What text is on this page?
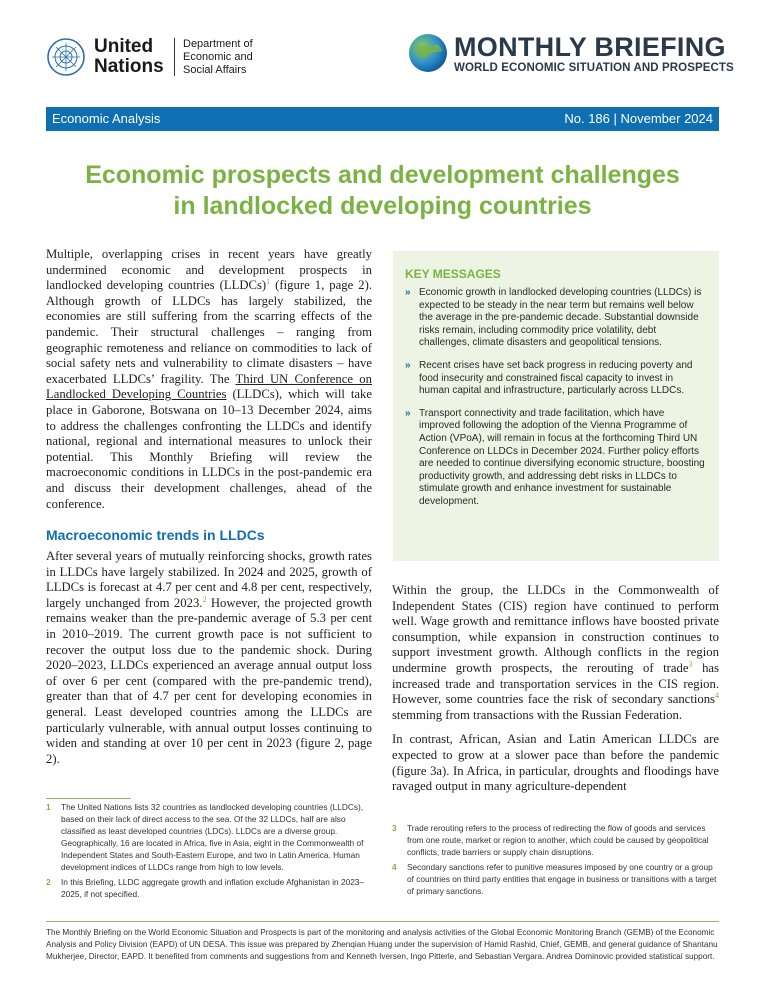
United
Nations
Department of
Economic and
Social Affairs
MONTHLY BRIEFING
WORLD ECONOMIC SITUATION AND PROSPECTS
Economic Analysis	No. 186 | November 2024
Economic prospects and development challenges
in landlocked developing countries

Multiple, overlapping crises in recent years have greatly undermined economic and development prospects in landlocked developing countries (LLDCs)$^1$ (figure 1, page 2). Although growth of LLDCs has largely stabilized, the economies are still suffering from the scarring effects of the pandemic. Their structural challenges – ranging from geographic remoteness and reliance on commodities to lack of social safety nets and vulnerability to climate disasters – have exacerbated LLDCs’ fragility. The Third UN Conference on Landlocked Developing Countries (LLDCs), which will take place in Gaborone, Botswana on 10–13 December 2024, aims to address the challenges confronting the LLDCs and identify national, regional and international measures to unlock their potential. This Monthly Briefing will review the macroeconomic conditions in LLDCs in the post-pandemic era and discuss their development challenges, ahead of the conference.

Macroeconomic trends in LLDCs

After several years of mutually reinforcing shocks, growth rates in LLDCs have largely stabilized. In 2024 and 2025, growth of LLDCs is forecast at 4.7 per cent and 4.8 per cent, respectively, largely unchanged from 2023.$^2$ However, the projected growth remains weaker than the pre-pandemic average of 5.3 per cent in 2010–2019. The current growth pace is not sufficient to recover the output loss due to the pandemic shock. During 2020–2023, LLDCs experienced an average annual output loss of over 6 per cent (compared with the pre-pandemic trend), greater than that of 4.7 per cent for developing economies in general. Least developed countries among the LLDCs are particularly vulnerable, with annual output losses continuing to widen and standing at over 10 per cent in 2023 (figure 2, page 2).

KEY MESSAGES
» Economic growth in landlocked developing countries (LLDCs) is expected to be steady in the near term but remains well below the average in the pre-pandemic decade. Substantial downside risks remain, including commodity price volatility, debt challenges, climate disasters and geopolitical tensions.
» Recent crises have set back progress in reducing poverty and food insecurity and constrained fiscal capacity to invest in human capital and infrastructure, particularly across LLDCs.
» Transport connectivity and trade facilitation, which have improved following the adoption of the Vienna Programme of Action (VPoA), will remain in focus at the forthcoming Third UN Conference on LLDCs in December 2024. Further policy efforts are needed to continue diversifying economic structure, boosting productivity growth, and addressing debt risks in LLDCs to stimulate growth and enhance investment for sustainable development.

Within the group, the LLDCs in the Commonwealth of Independent States (CIS) region have continued to perform well. Wage growth and remittance inflows have boosted private consumption, while expansion in construction continues to support investment growth. Although conflicts in the region undermine growth prospects, the rerouting of trade$^3$ has increased trade and transportation services in the CIS region. However, some countries face the risk of secondary sanctions$^4$ stemming from transactions with the Russian Federation.

In contrast, African, Asian and Latin American LLDCs are expected to grow at a slower pace than before the pandemic (figure 3a). In Africa, in particular, droughts and floodings have ravaged output in many agriculture-dependent

1 The United Nations lists 32 countries as landlocked developing countries (LLDCs), based on their lack of direct access to the sea. Of the 32 LLDCs, half are also classified as least developed countries (LDCs). LLDCs are a diverse group. Geographically, 16 are located in Africa, five in Asia, eight in the Commonwealth of Independent States and South-Eastern Europe, and two in Latin America. Human development indices of LLDCs range from high to low levels.
2 In this Briefing, LLDC aggregate growth and inflation exclude Afghanistan in 2023–2025, if not specified.
3 Trade rerouting refers to the process of redirecting the flow of goods and services from one route, market or region to another, which could be caused by geopolitical conflicts, trade barriers or supply chain disruptions.
4 Secondary sanctions refer to punitive measures imposed by one country or a group of countries on third party entities that engage in business or transitions with a target of primary sanctions.
The Monthly Briefing on the World Economic Situation and Prospects is part of the monitoring and analysis activities of the Global Economic Monitoring Branch (GEMB) of the Economic Analysis and Policy Division (EAPD) of UN DESA. This issue was prepared by Zhenqian Huang under the supervision of Hamid Rashid, Chief, GEMB, and general guidance of Shantanu Mukherjee, Director, EAPD. It benefited from comments and suggestions from and Kenneth Iversen, Ingo Pitterle, and Sebastian Vergara. Andrea Dominovic provided statistical support.
